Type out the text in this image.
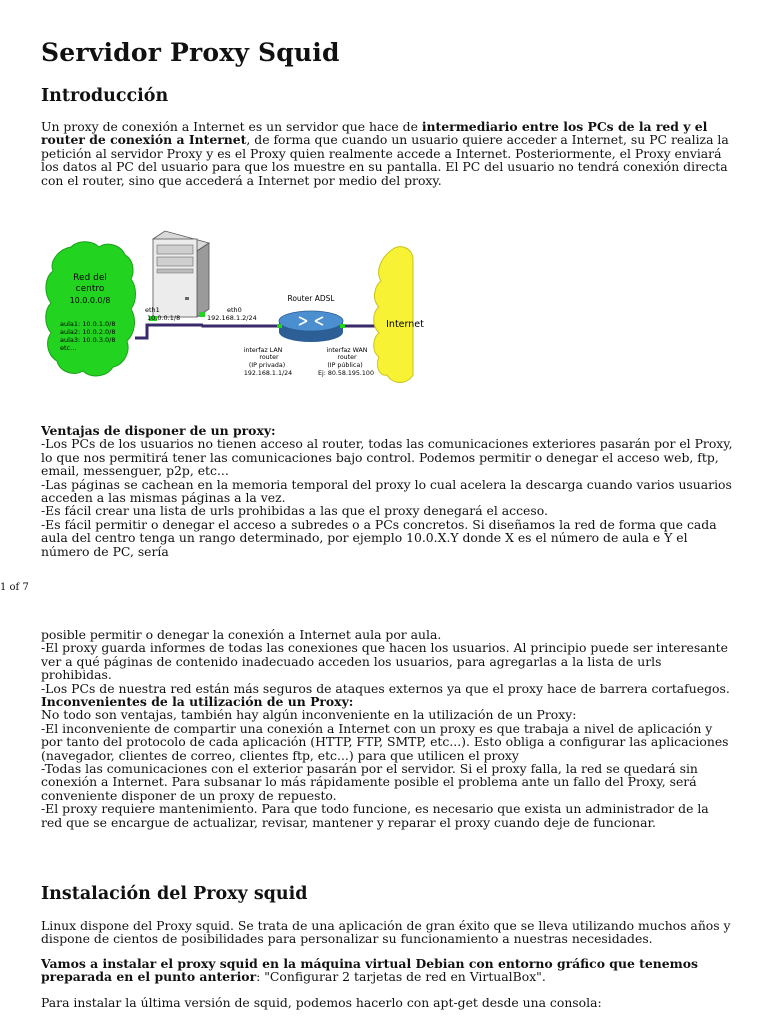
Servidor Proxy Squid
Introducción

Un proxy de conexión a Internet es un servidor que hace de intermediario entre los PCs de la red y el router de conexión a Internet, de forma que cuando un usuario quiere acceder a Internet, su PC realiza la petición al servidor Proxy y es el Proxy quien realmente accede a Internet. Posteriormente, el Proxy enviará los datos al PC del usuario para que los muestre en su pantalla. El PC del usuario no tendrá conexión directa con el router, sino que accederá a Internet por medio del proxy.

Red del
centro
10.0.0.0/8
aula1: 10.0.1.0/8
aula2: 10.0.2.0/8
aula3: 10.0.3.0/8
etc...
eth1
10.0.0.1/8
eth0
192.168.1.2/24
Router ADSL
interfaz LAN
router
(IP privada)
192.168.1.1/24
interfaz WAN
router
(IP pública)
Ej: 80.58.195.100
Internet

Ventajas de disponer de un proxy:

-Los PCs de los usuarios no tienen acceso al router, todas las comunicaciones exteriores pasarán por el Proxy, lo que nos permitirá tener las comunicaciones bajo control. Podemos permitir o denegar el acceso web, ftp, email, messenguer, p2p, etc...

-Las páginas se cachean en la memoria temporal del proxy lo cual acelera la descarga cuando varios usuarios acceden a las mismas páginas a la vez.

-Es fácil crear una lista de urls prohibidas a las que el proxy denegará el acceso.

-Es fácil permitir o denegar el acceso a subredes o a PCs concretos. Si diseñamos la red de forma que cada aula del centro tenga un rango determinado, por ejemplo 10.0.X.Y donde X es el número de aula e Y el número de PC, sería

1 of 7

posible permitir o denegar la conexión a Internet aula por aula.

-El proxy guarda informes de todas las conexiones que hacen los usuarios. Al principio puede ser interesante ver a qué páginas de contenido inadecuado acceden los usuarios, para agregarlas a la lista de urls prohibidas.

-Los PCs de nuestra red están más seguros de ataques externos ya que el proxy hace de barrera cortafuegos.

Inconvenientes de la utilización de un Proxy:

No todo son ventajas, también hay algún inconveniente en la utilización de un Proxy:

-El inconveniente de compartir una conexión a Internet con un proxy es que trabaja a nivel de aplicación y por tanto del protocolo de cada aplicación (HTTP, FTP, SMTP, etc...). Esto obliga a configurar las aplicaciones (navegador, clientes de correo, clientes ftp, etc...) para que utilicen el proxy

-Todas las comunicaciones con el exterior pasarán por el servidor. Si el proxy falla, la red se quedará sin conexión a Internet. Para subsanar lo más rápidamente posible el problema ante un fallo del Proxy, será conveniente disponer de un proxy de repuesto.

-El proxy requiere mantenimiento. Para que todo funcione, es necesario que exista un administrador de la red que se encargue de actualizar, revisar, mantener y reparar el proxy cuando deje de funcionar.

Instalación del Proxy squid

Linux dispone del Proxy squid. Se trata de una aplicación de gran éxito que se lleva utilizando muchos años y dispone de cientos de posibilidades para personalizar su funcionamiento a nuestras necesidades.

Vamos a instalar el proxy squid en la máquina virtual Debian con entorno gráfico que tenemos preparada en el punto anterior: "Configurar 2 tarjetas de red en VirtualBox".

Para instalar la última versión de squid, podemos hacerlo con apt-get desde una consola:
